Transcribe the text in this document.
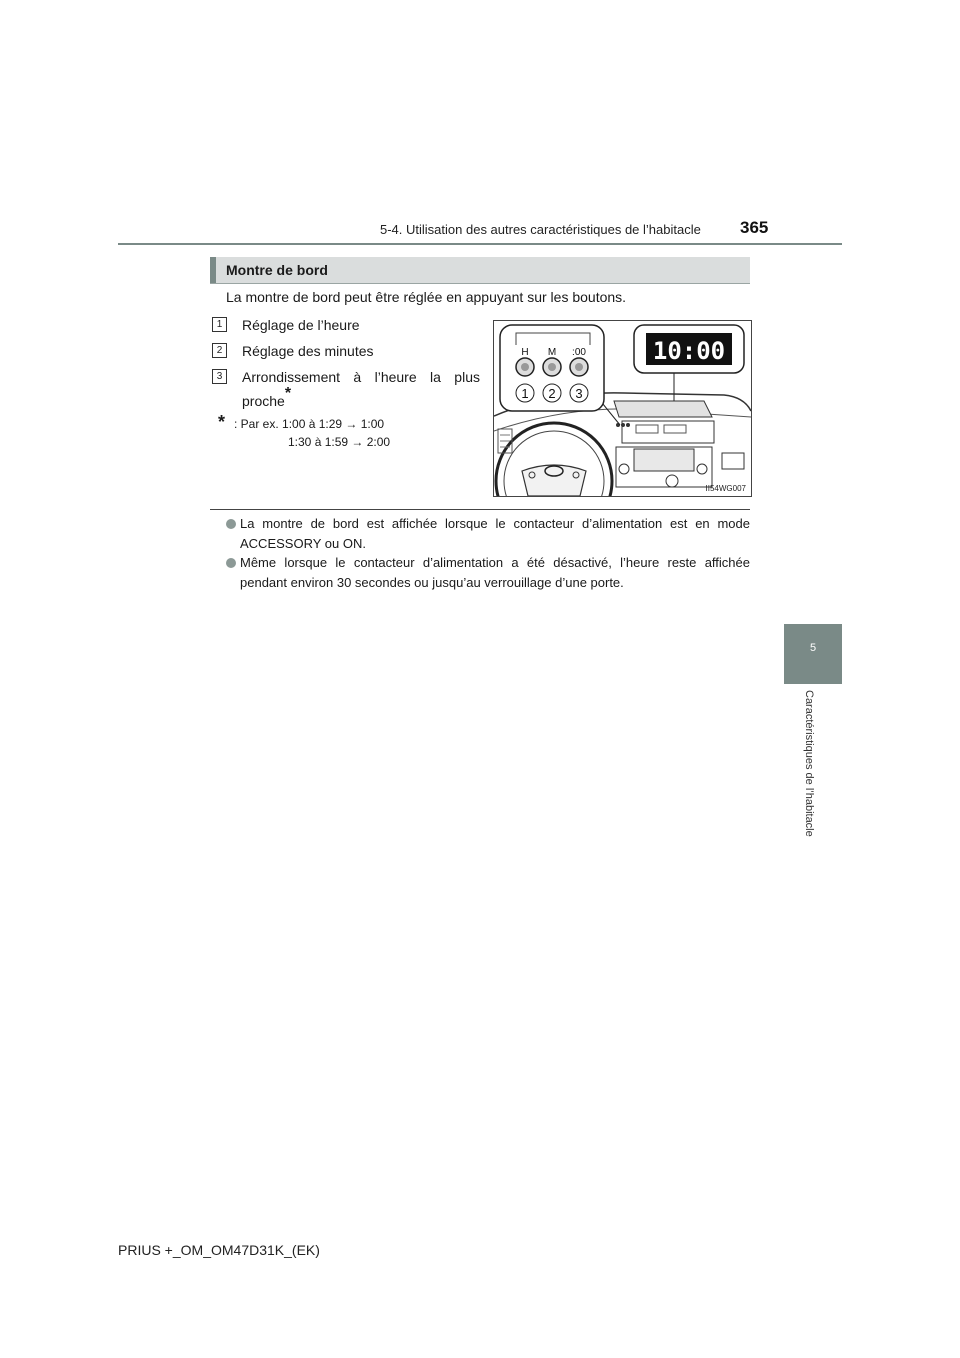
5-4. Utilisation des autres caractéristiques de l’habitacle 365
5
Caractéristiques de l’habitacle
Montre de bord
La montre de bord peut être réglée en appuyant sur les boutons.
1	Réglage de l’heure
2	Réglage des minutes
3	Arrondissement à l’heure la plus
proche*
* : Par ex. 1:00 à 1:29 → 1:00
1:30 à 1:59 → 2:00
H M :00
1 2 3
10:00
II54WG007
La montre de bord est affichée lorsque le contacteur d’alimentation est en mode ACCESSORY ou ON.
Même lorsque le contacteur d’alimentation a été désactivé, l’heure reste affichée pendant environ 30 secondes ou jusqu’au verrouillage d’une porte.
PRIUS +_OM_OM47D31K_(EK)
